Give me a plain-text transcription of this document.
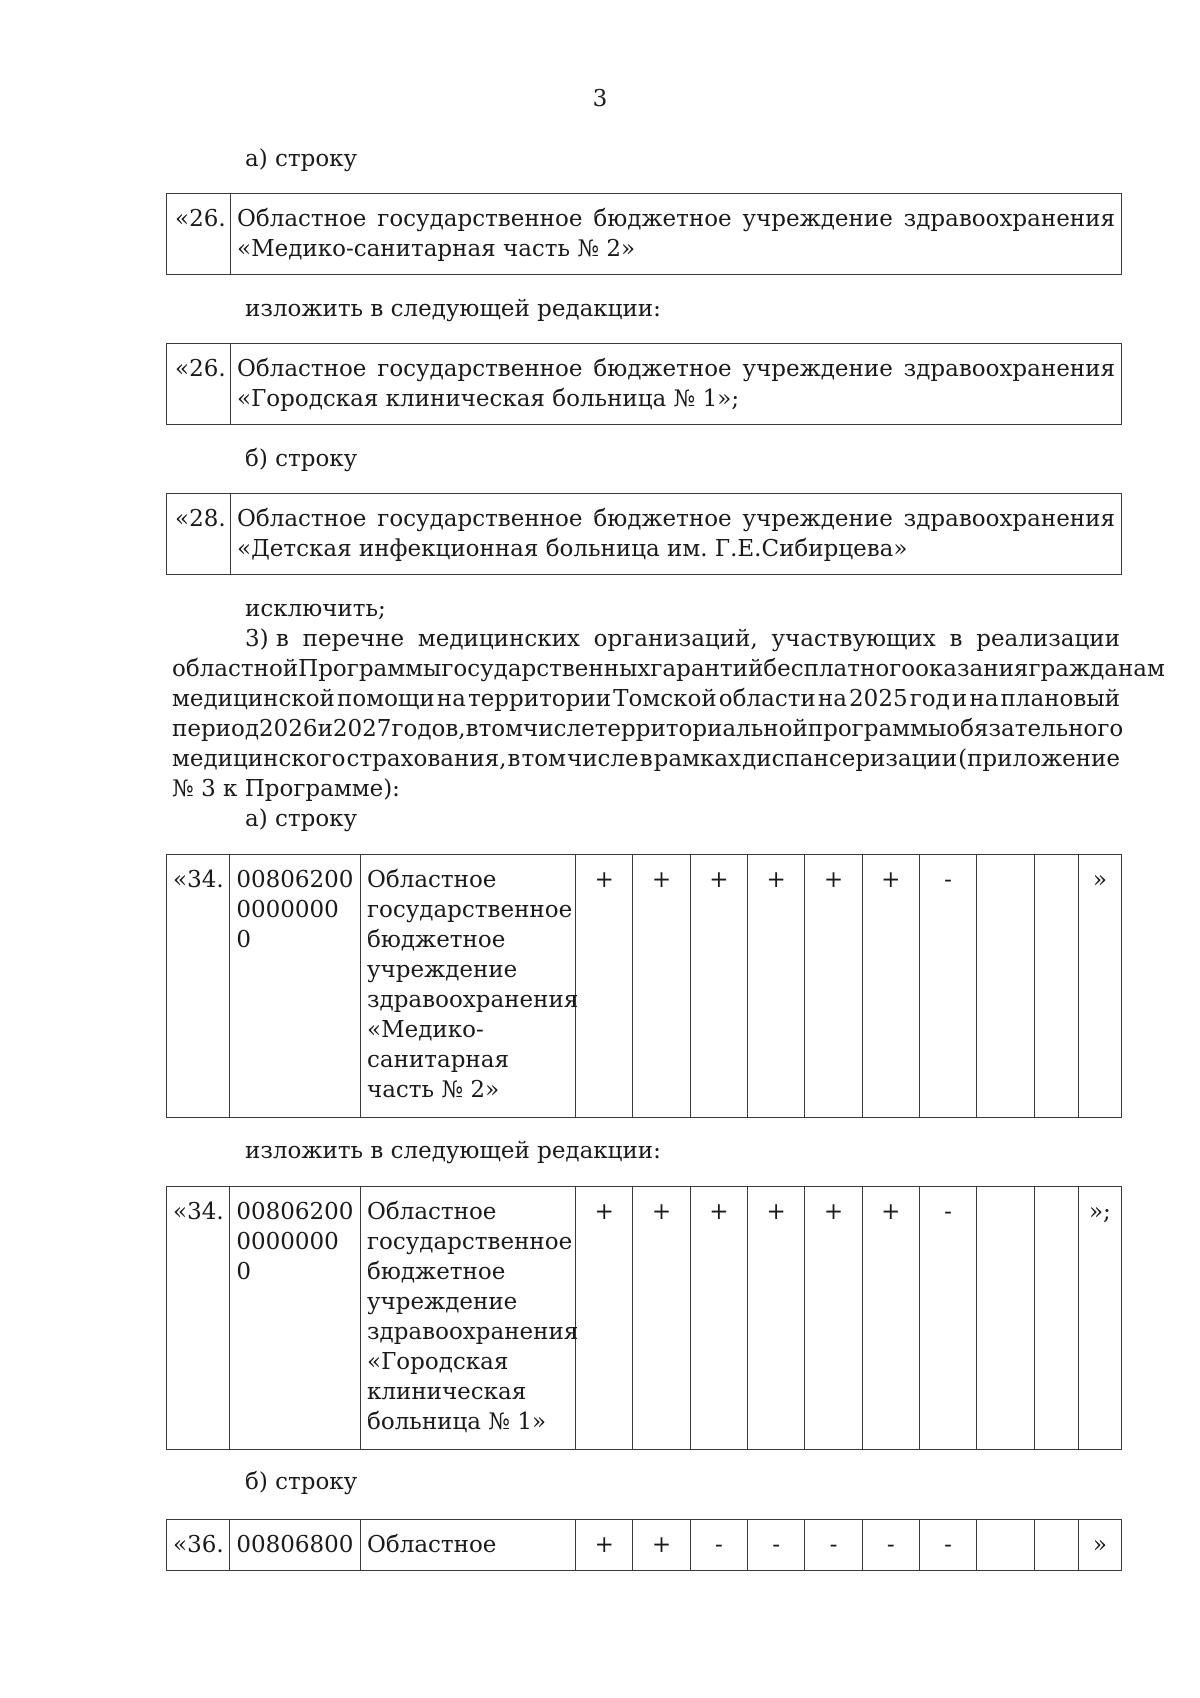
3
а) строку
«26. Областное государственное бюджетное учреждение здравоохранения
«Медико-санитарная часть № 2»
изложить в следующей редакции:
«26. Областное государственное бюджетное учреждение здравоохранения
«Городская клиническая больница № 1»;
б) строку
«28. Областное государственное бюджетное учреждение здравоохранения
«Детская инфекционная больница им. Г.Е.Сибирцева»
исключить;
3) в перечне медицинских организаций, участвующих в реализации
областной Программы государственных гарантий бесплатного оказания гражданам
медицинской помощи на территории Томской области на 2025 год и на плановый
период 2026 и 2027 годов, в том числе территориальной программы обязательного
медицинского страхования, в том числе в рамках диспансеризации (приложение
№ 3 к Программе):
а) строку
«34.	008062000000000 0	Областное государственное бюджетное учреждение здравоохранения «Медико-санитарная часть № 2»	+	+	+	+	+	+	-			»
изложить в следующей редакции:
«34.	008062000000000 0	Областное государственное бюджетное учреждение здравоохранения «Городская клиническая больница № 1»	+	+	+	+	+	+	-			»;
б) строку
«36.	00806800	Областное	+	+	-	-	-	-	-			»
